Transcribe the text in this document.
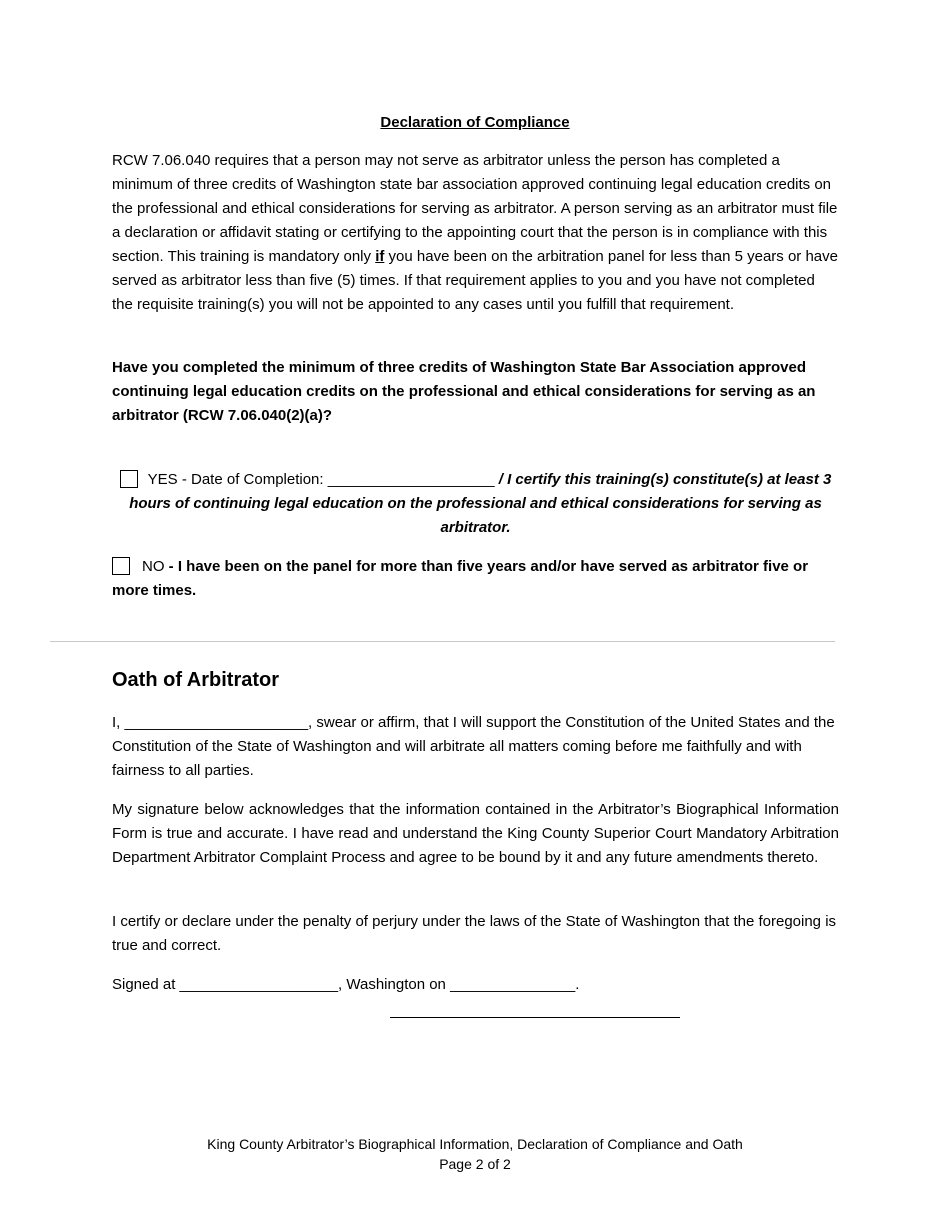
Declaration of Compliance

RCW 7.06.040 requires that a person may not serve as arbitrator unless the person has completed a minimum of three credits of Washington state bar association approved continuing legal education credits on the professional and ethical considerations for serving as arbitrator. A person serving as an arbitrator must file a declaration or affidavit stating or certifying to the appointing court that the person is in compliance with this section. This training is mandatory only if you have been on the arbitration panel for less than 5 years or have served as arbitrator less than five (5) times. If that requirement applies to you and you have not completed the requisite training(s) you will not be appointed to any cases until you fulfill that requirement.

Have you completed the minimum of three credits of Washington State Bar Association approved continuing legal education credits on the professional and ethical considerations for serving as an arbitrator (RCW 7.06.040(2)(a)?

YES - Date of Completion: ____________________ / I certify this training(s) constitute(s) at least 3 hours of continuing legal education on the professional and ethical considerations for serving as arbitrator.

NO - I have been on the panel for more than five years and/or have served as arbitrator five or more times.

Oath of Arbitrator

I, ______________________, swear or affirm, that I will support the Constitution of the United States and the Constitution of the State of Washington and will arbitrate all matters coming before me faithfully and with fairness to all parties.

My signature below acknowledges that the information contained in the Arbitrator’s Biographical Information Form is true and accurate. I have read and understand the King County Superior Court Mandatory Arbitration Department Arbitrator Complaint Process and agree to be bound by it and any future amendments thereto.

I certify or declare under the penalty of perjury under the laws of the State of Washington that the foregoing is true and correct.

Signed at ___________________, Washington on _______________.

King County Arbitrator’s Biographical Information, Declaration of Compliance and Oath
Page 2 of 2
